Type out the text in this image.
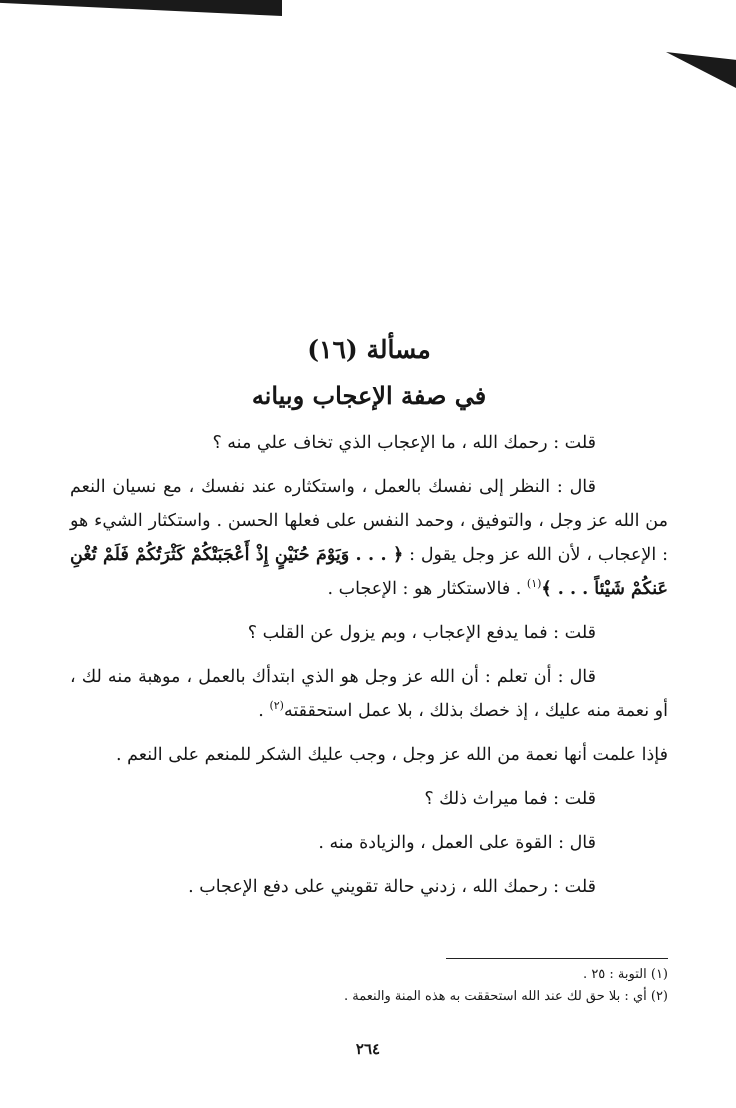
مسألة (١٦)
في صفة الإعجاب وبيانه

قلت : رحمك الله ، ما الإعجاب الذي تخاف علي منه ؟

قال : النظر إلى نفسك بالعمل ، واستكثاره عند نفسك ، مع نسيان النعم من الله عز وجل ، والتوفيق ، وحمد النفس على فعلها الحسن . واستكثار الشيء هو : الإعجاب ، لأن الله عز وجل يقول : ﴿ . . . وَيَوْمَ حُنَيْنٍ إِذْ أَعْجَبَتْكُمْ كَثْرَتُكُمْ فَلَمْ تُغْنِ عَنكُمْ شَيْئاً . . . ﴾$^{(١)}$ . فالاستكثار هو : الإعجاب .

قلت : فما يدفع الإعجاب ، وبم يزول عن القلب ؟

قال : أن تعلم : أن الله عز وجل هو الذي ابتدأك بالعمل ، موهبة منه لك ، أو نعمة منه عليك ، إذ خصك بذلك ، بلا عمل استحققته$^{(٢)}$ .

فإذا علمت أنها نعمة من الله عز وجل ، وجب عليك الشكر للمنعم على النعم .

قلت : فما ميراث ذلك ؟

قال : القوة على العمل ، والزيادة منه .

قلت : رحمك الله ، زدني حالة تقويني على دفع الإعجاب .

(١) التوبة : ٢٥ .

(٢) أي : بلا حق لك عند الله استحققت به هذه المنة والنعمة .

٢٦٤
